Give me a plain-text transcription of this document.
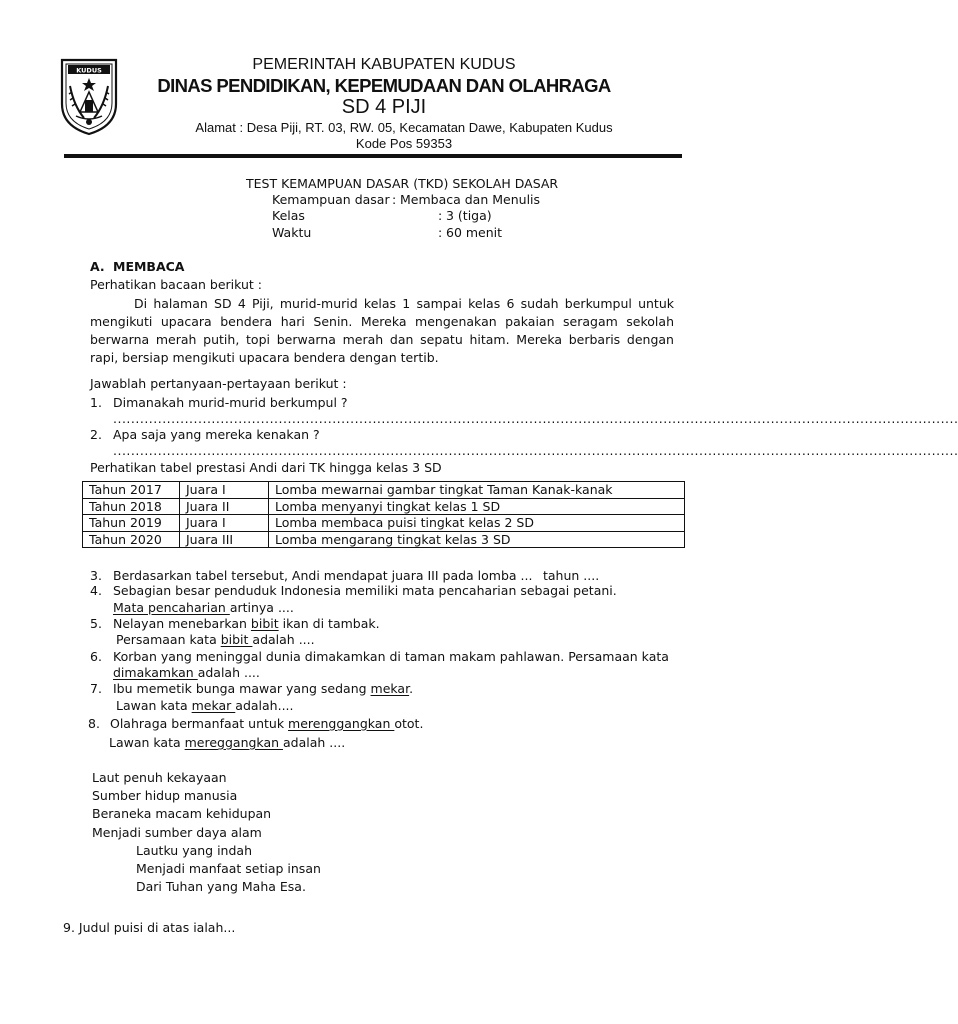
KUDUS	PEMERINTAH KABUPATEN KUDUS
DINAS PENDIDIKAN, KEPEMUDAAN DAN OLAHRAGA
SD 4 PIJI
Alamat : Desa Piji, RT. 03, RW. 05, Kecamatan Dawe, Kabupaten Kudus
Kode Pos 59353
TEST KEMAMPUAN DASAR (TKD) SEKOLAH DASAR
Kemampuan dasar : Membaca dan Menulis
Kelas	: 3 (tiga)
Waktu	: 60 menit
A. MEMBACA
Perhatikan bacaan berikut :
Di halaman SD 4 Piji, murid-murid kelas 1 sampai kelas 6 sudah berkumpul untuk mengikuti upacara bendera hari Senin. Mereka mengenakan pakaian seragam sekolah berwarna merah putih, topi berwarna merah dan sepatu hitam. Mereka berbaris dengan rapi, bersiap mengikuti upacara bendera dengan tertib.
Jawablah pertanyaan-pertayaan berikut :
1. Dimanakah murid-murid berkumpul ?
.............................................................................................................................................................................................
2. Apa saja yang mereka kenakan ?
.............................................................................................................................................................................................
Perhatikan tabel prestasi Andi dari TK hingga kelas 3 SD
Tahun 2017	Juara I	Lomba mewarnai gambar tingkat Taman Kanak-kanak
Tahun 2018	Juara II	Lomba menyanyi tingkat kelas 1 SD
Tahun 2019	Juara I	Lomba membaca puisi tingkat kelas 2 SD
Tahun 2020	Juara III	Lomba mengarang tingkat kelas 3 SD
3. Berdasarkan tabel tersebut, Andi mendapat juara III pada lomba ... tahun ....
4. Sebagian besar penduduk Indonesia memiliki mata pencaharian sebagai petani.
Mata pencaharian artinya ....
5. Nelayan menebarkan bibit ikan di tambak.
Persamaan kata bibit adalah ....
6. Korban yang meninggal dunia dimakamkan di taman makam pahlawan. Persamaan kata
dimakamkan adalah ....
7. Ibu memetik bunga mawar yang sedang mekar.
Lawan kata mekar adalah....
8. Olahraga bermanfaat untuk merenggangkan otot.
Lawan kata mereggangkan adalah ....
Laut penuh kekayaan
Sumber hidup manusia
Beraneka macam kehidupan
Menjadi sumber daya alam
Lautku yang indah
Menjadi manfaat setiap insan
Dari Tuhan yang Maha Esa.
9. Judul puisi di atas ialah...
